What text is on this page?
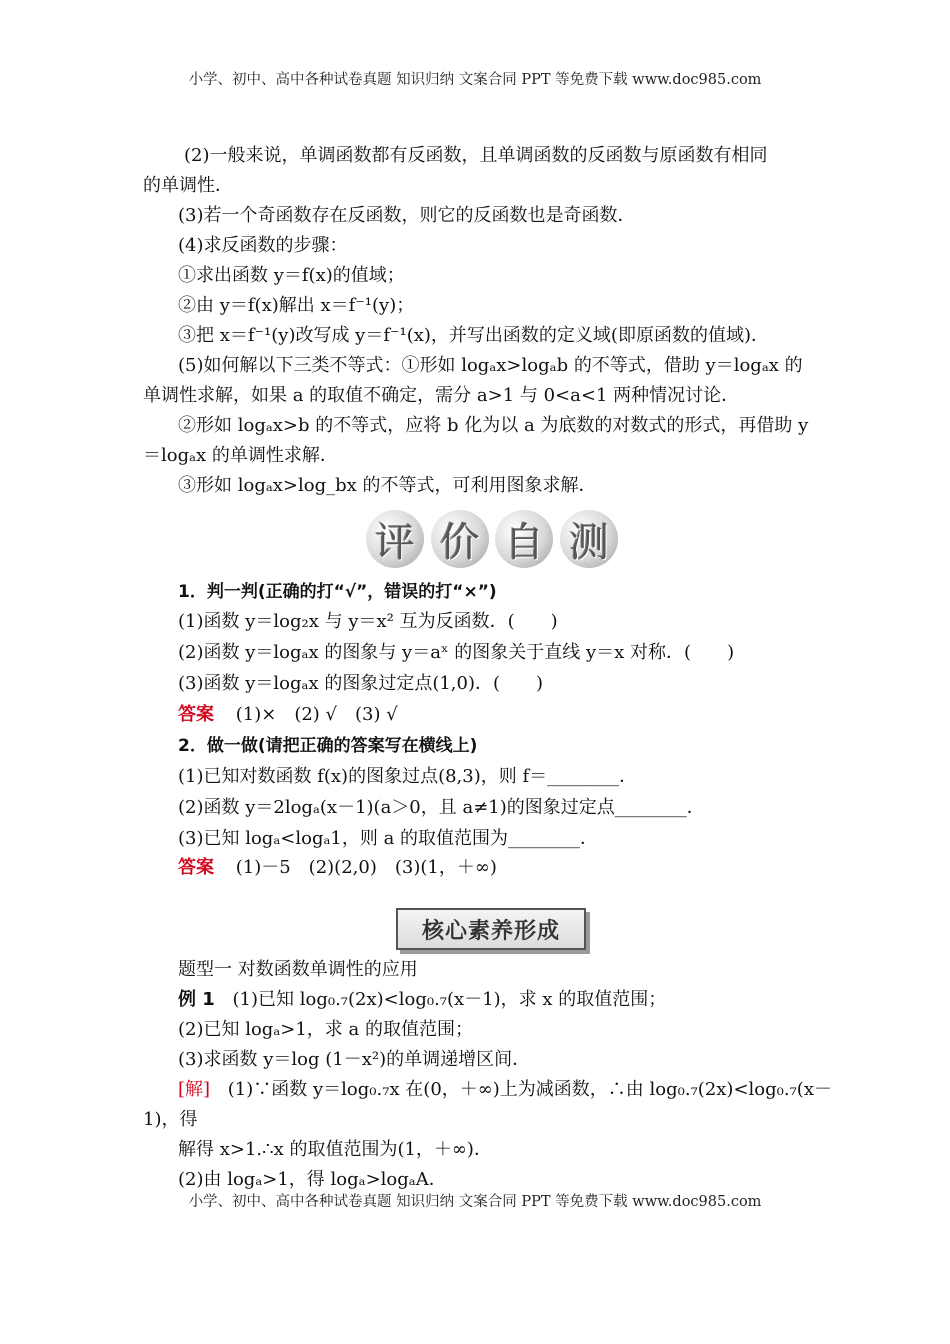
小学、初中、高中各种试卷真题 知识归纳 文案合同 PPT 等免费下载 www.doc985.com
(2)一般来说，单调函数都有反函数，且单调函数的反函数与原函数有相同
的单调性．
(3)若一个奇函数存在反函数，则它的反函数也是奇函数．
(4)求反函数的步骤：
①求出函数 y＝f(x)的值域；
②由 y＝f(x)解出 x＝f⁻¹(y)；
③把 x＝f⁻¹(y)改写成 y＝f⁻¹(x)，并写出函数的定义域(即原函数的值域)．
(5)如何解以下三类不等式：①形如 logₐx>logₐb 的不等式，借助 y＝logₐx 的
单调性求解，如果 a 的取值不确定，需分 a>1 与 0<a<1 两种情况讨论．
②形如 logₐx>b 的不等式，应将 b 化为以 a 为底数的对数式的形式，再借助 y
＝logₐx 的单调性求解．
③形如 logₐx>log_bx 的不等式，可利用图象求解．
评 价 自 测
1．判一判(正确的打“√”，错误的打“×”)
(1)函数 y＝log₂x 与 y＝x² 互为反函数．(　　)
(2)函数 y＝logₐx 的图象与 y＝aˣ 的图象关于直线 y＝x 对称．(　　)
(3)函数 y＝logₐx 的图象过定点(1,0)．(　　)
答案 (1)×　(2) √　(3) √
2．做一做(请把正确的答案写在横线上)
(1)已知对数函数 f(x)的图象过点(8,3)，则 f＝________．
(2)函数 y＝2logₐ(x－1)(a＞0，且 a≠1)的图象过定点________．
(3)已知 logₐ<logₐ1，则 a 的取值范围为________．
答案 (1)－5　(2)(2,0)　(3)(1，＋∞)
核心素养形成
题型一 对数函数单调性的应用
例 1 (1)已知 log₀.₇(2x)<log₀.₇(x－1)，求 x 的取值范围；
(2)已知 logₐ>1，求 a 的取值范围；
(3)求函数 y＝log (1－x²)的单调递增区间．
[解] (1)∵函数 y＝log₀.₇x 在(0，＋∞)上为减函数，∴由 log₀.₇(2x)<log₀.₇(x－
1)，得
解得 x>1.∴x 的取值范围为(1，＋∞)．
(2)由 logₐ>1，得 logₐ>logₐA．
小学、初中、高中各种试卷真题 知识归纳 文案合同 PPT 等免费下载 www.doc985.com
